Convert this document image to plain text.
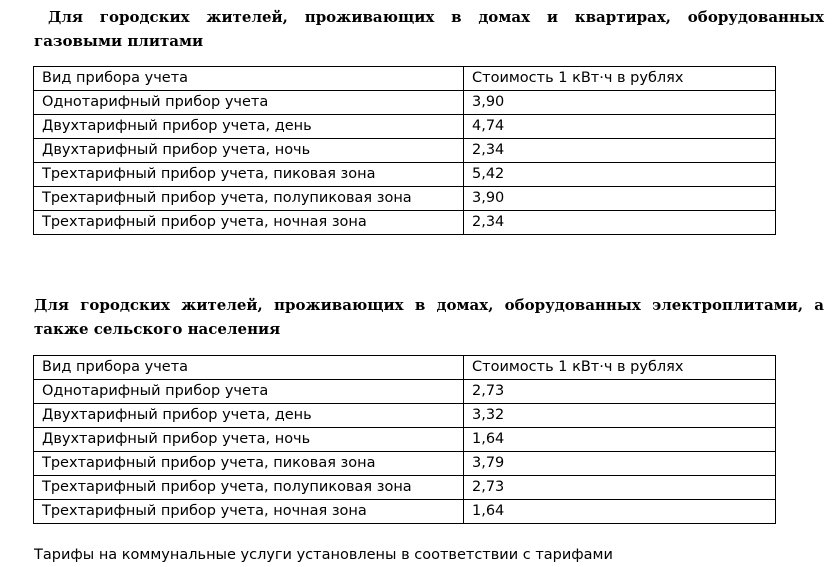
Для городских жителей, проживающих в домах и квартирах, оборудованных газовыми плитами

Вид прибора учета	Стоимость 1 кВт·ч в рублях
Однотарифный прибор учета	3,90
Двухтарифный прибор учета, день	4,74
Двухтарифный прибор учета, ночь	2,34
Трехтарифный прибор учета, пиковая зона	5,42
Трехтарифный прибор учета, полупиковая зона	3,90
Трехтарифный прибор учета, ночная зона	2,34

Для городских жителей, проживающих в домах, оборудованных электроплитами, а также сельского населения

Вид прибора учета	Стоимость 1 кВт·ч в рублях
Однотарифный прибор учета	2,73
Двухтарифный прибор учета, день	3,32
Двухтарифный прибор учета, ночь	1,64
Трехтарифный прибор учета, пиковая зона	3,79
Трехтарифный прибор учета, полупиковая зона	2,73
Трехтарифный прибор учета, ночная зона	1,64
Тарифы на коммунальные услуги установлены в соответствии с тарифами
